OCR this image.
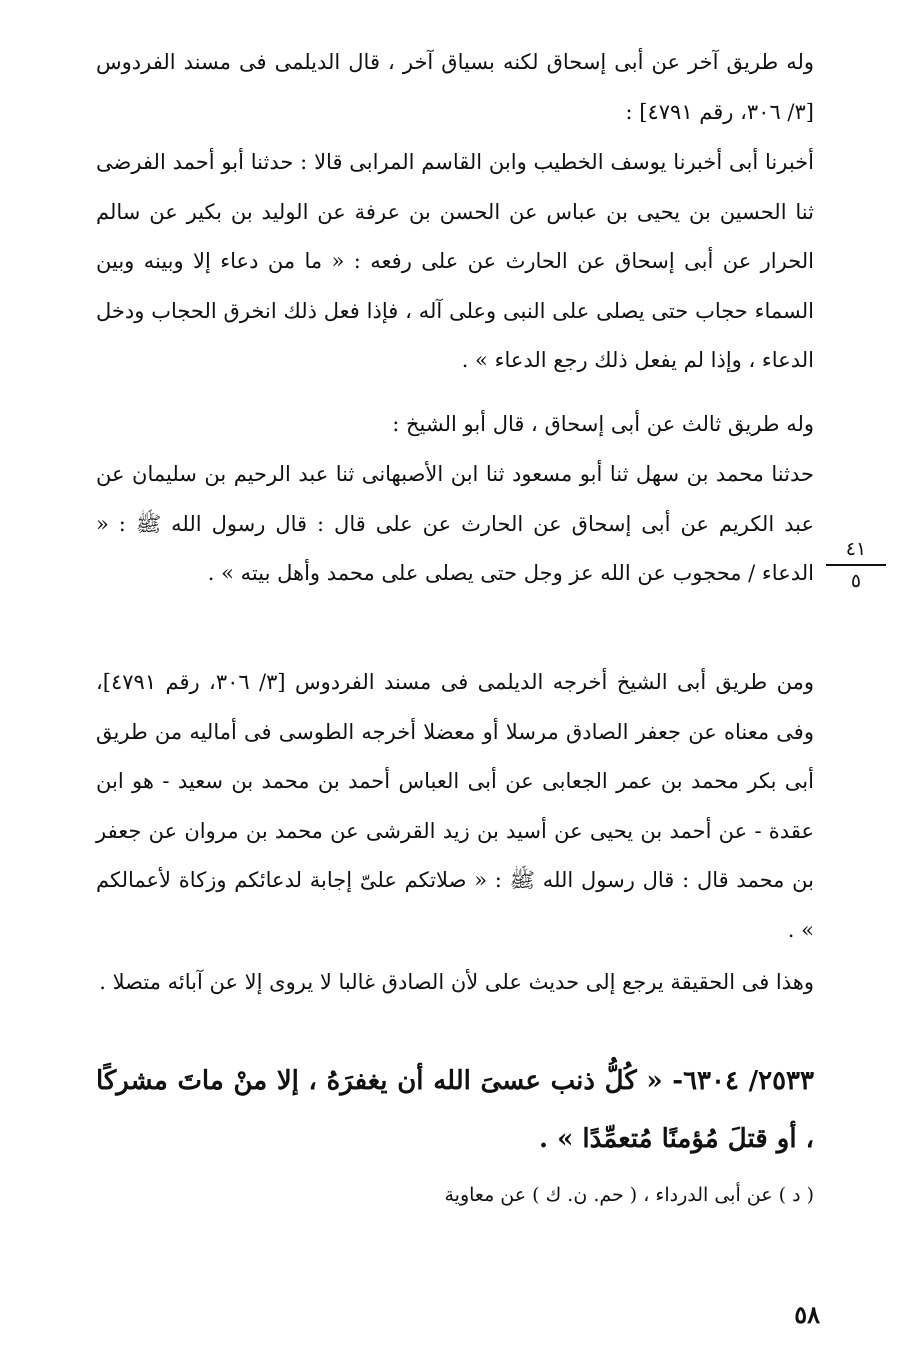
وله طريق آخر عن أبى إسحاق لكنه بسياق آخر ، قال الديلمى فى مسند الفردوس [٣/ ٣٠٦، رقم ٤٧٩١] :

أخبرنا أبى أخبرنا يوسف الخطيب وابن القاسم المرابى قالا : حدثنا أبو أحمد الفرضى ثنا الحسين بن يحيى بن عباس عن الحسن بن عرفة عن الوليد بن بكير عن سالم الحرار عن أبى إسحاق عن الحارث عن على رفعه : « ما من دعاء إلا وبينه وبين السماء حجاب حتى يصلى على النبى وعلى آله ، فإذا فعل ذلك انخرق الحجاب ودخل الدعاء ، وإذا لم يفعل ذلك رجع الدعاء » .

وله طريق ثالث عن أبى إسحاق ، قال أبو الشيخ :

حدثنا محمد بن سهل ثنا أبو مسعود ثنا ابن الأصبهانى ثنا عبد الرحيم بن سليمان عن عبد الكريم عن أبى إسحاق عن الحارث عن على قال : قال رسول الله ﷺ : « الدعاء / محجوب عن الله عز وجل حتى يصلى على محمد وأهل بيته » .

ومن طريق أبى الشيخ أخرجه الديلمى فى مسند الفردوس [٣/ ٣٠٦، رقم ٤٧٩١]، وفى معناه عن جعفر الصادق مرسلا أو معضلا أخرجه الطوسى فى أماليه من طريق أبى بكر محمد بن عمر الجعابى عن أبى العباس أحمد بن محمد بن سعيد - هو ابن عقدة - عن أحمد بن يحيى عن أسيد بن زيد القرشى عن محمد بن مروان عن جعفر بن محمد قال : قال رسول الله ﷺ : « صلاتكم علىّ إجابة لدعائكم وزكاة لأعمالكم » .

وهذا فى الحقيقة يرجع إلى حديث على لأن الصادق غالبا لا يروى إلا عن آبائه متصلا .

٢٥٣٣/ ٦٣٠٤- « كُلُّ ذنب عسىَ الله أن يغفرَهُ ، إلا منْ ماتَ مشركًا ، أو قتلَ مُؤمنًا مُتعمِّدًا » .

( د ) عن أبى الدرداء ، ( حم. ن. ك ) عن معاوية

٤١
٥
٥٨
